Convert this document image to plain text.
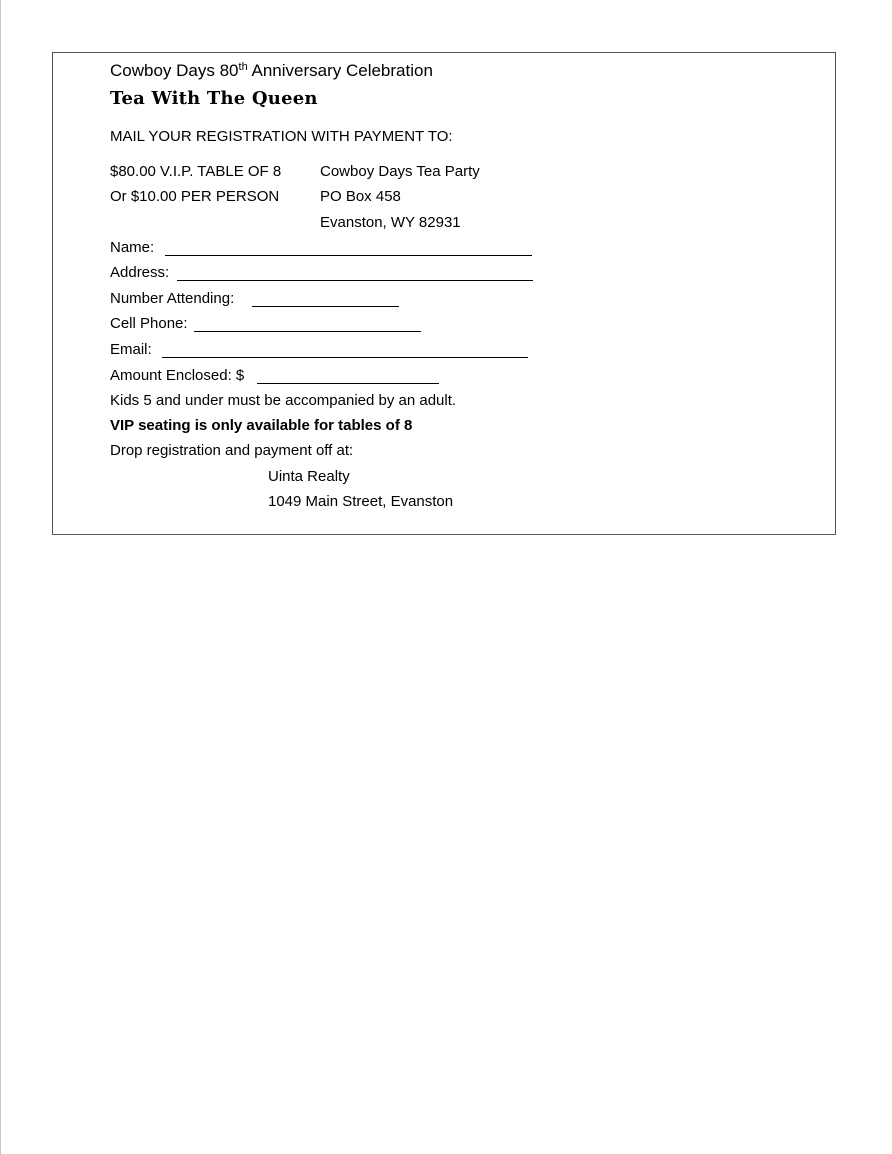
Cowboy Days 80th Anniversary Celebration
Tea With The Queen
MAIL YOUR REGISTRATION WITH PAYMENT TO:
$80.00 V.I.P. TABLE OF 8
Or $10.00 PER PERSON
Cowboy Days Tea Party
PO Box 458
Evanston, WY 82931
Name:
Address:
Number Attending:
Cell Phone:
Email:
Amount Enclosed: $
Kids 5 and under must be accompanied by an adult.
VIP seating is only available for tables of 8
Drop registration and payment off at:
Uinta Realty
1049 Main Street, Evanston
